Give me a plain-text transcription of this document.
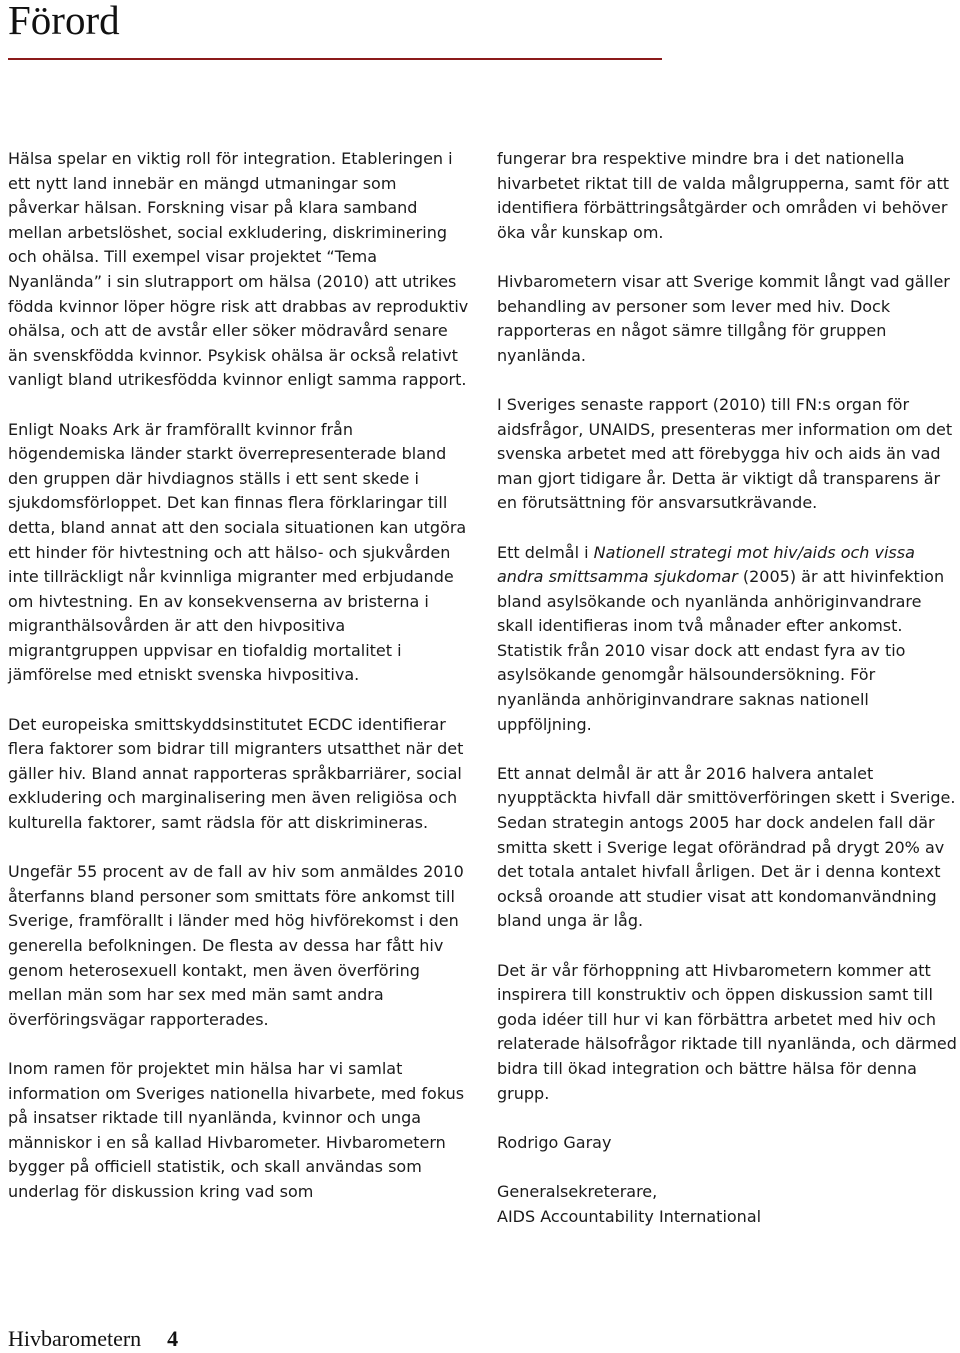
Förord

Hälsa spelar en viktig roll för integration. Etableringen i ett nytt land innebär en mängd utmaningar som påverkar hälsan. Forskning visar på klara samband mellan arbetslöshet, social exkludering, diskriminering och ohälsa. Till exempel visar projektet “Tema Nyanlända” i sin slutrapport om hälsa (2010) att utrikes födda kvinnor löper högre risk att drabbas av reproduktiv ohälsa, och att de avstår eller söker mödravård senare än svenskfödda kvinnor. Psykisk ohälsa är också relativt vanligt bland utrikesfödda kvinnor enligt samma rapport.

Enligt Noaks Ark är framförallt kvinnor från högendemiska länder starkt överrepresenterade bland den gruppen där hivdiagnos ställs i ett sent skede i sjukdomsförloppet. Det kan finnas flera förklaringar till detta, bland annat att den sociala situationen kan utgöra ett hinder för hivtestning och att hälso- och sjukvården inte tillräckligt når kvinnliga migranter med erbjudande om hivtestning. En av konsekvenserna av bristerna i migranthälsovården är att den hivpositiva migrantgruppen uppvisar en tiofaldig mortalitet i jämförelse med etniskt svenska hivpositiva.

Det europeiska smittskyddsinstitutet ECDC identifierar flera faktorer som bidrar till migranters utsatthet när det gäller hiv. Bland annat rapporteras språkbarriärer, social exkludering och marginalisering men även religiösa och kulturella faktorer, samt rädsla för att diskrimineras.

Ungefär 55 procent av de fall av hiv som anmäldes 2010 återfanns bland personer som smittats före ankomst till Sverige, framförallt i länder med hög hivförekomst i den generella befolkningen. De flesta av dessa har fått hiv genom heterosexuell kontakt, men även överföring mellan män som har sex med män samt andra överföringsvägar rapporterades.

Inom ramen för projektet min hälsa har vi samlat information om Sveriges nationella hivarbete, med fokus på insatser riktade till nyanlända, kvinnor och unga människor i en så kallad Hivbarometer. Hivbarometern bygger på officiell statistik, och skall användas som underlag för diskussion kring vad som

fungerar bra respektive mindre bra i det nationella hivarbetet riktat till de valda målgrupperna, samt för att identifiera förbättringsåtgärder och områden vi behöver öka vår kunskap om.

Hivbarometern visar att Sverige kommit långt vad gäller behandling av personer som lever med hiv. Dock rapporteras en något sämre tillgång för gruppen nyanlända.

I Sveriges senaste rapport (2010) till FN:s organ för aidsfrågor, UNAIDS, presenteras mer information om det svenska arbetet med att förebygga hiv och aids än vad man gjort tidigare år. Detta är viktigt då transparens är en förutsättning för ansvarsutkrävande.

Ett delmål i Nationell strategi mot hiv/aids och vissa andra smittsamma sjukdomar (2005) är att hivinfektion bland asylsökande och nyanlända anhöriginvandrare skall identifieras inom två månader efter ankomst. Statistik från 2010 visar dock att endast fyra av tio asylsökande genomgår hälsoundersökning. För nyanlända anhöriginvandrare saknas nationell uppföljning.

Ett annat delmål är att år 2016 halvera antalet nyupptäckta hivfall där smittöverföringen skett i Sverige. Sedan strategin antogs 2005 har dock andelen fall där smitta skett i Sverige legat oförändrad på drygt 20% av det totala antalet hivfall årligen. Det är i denna kontext också oroande att studier visat att kondomanvändning bland unga är låg.

Det är vår förhoppning att Hivbarometern kommer att inspirera till konstruktiv och öppen diskussion samt till goda idéer till hur vi kan förbättra arbetet med hiv och relaterade hälsofrågor riktade till nyanlända, och därmed bidra till ökad integration och bättre hälsa för denna grupp.

Rodrigo Garay

Generalsekreterare,

AIDS Accountability International

Hivbarometern 4
